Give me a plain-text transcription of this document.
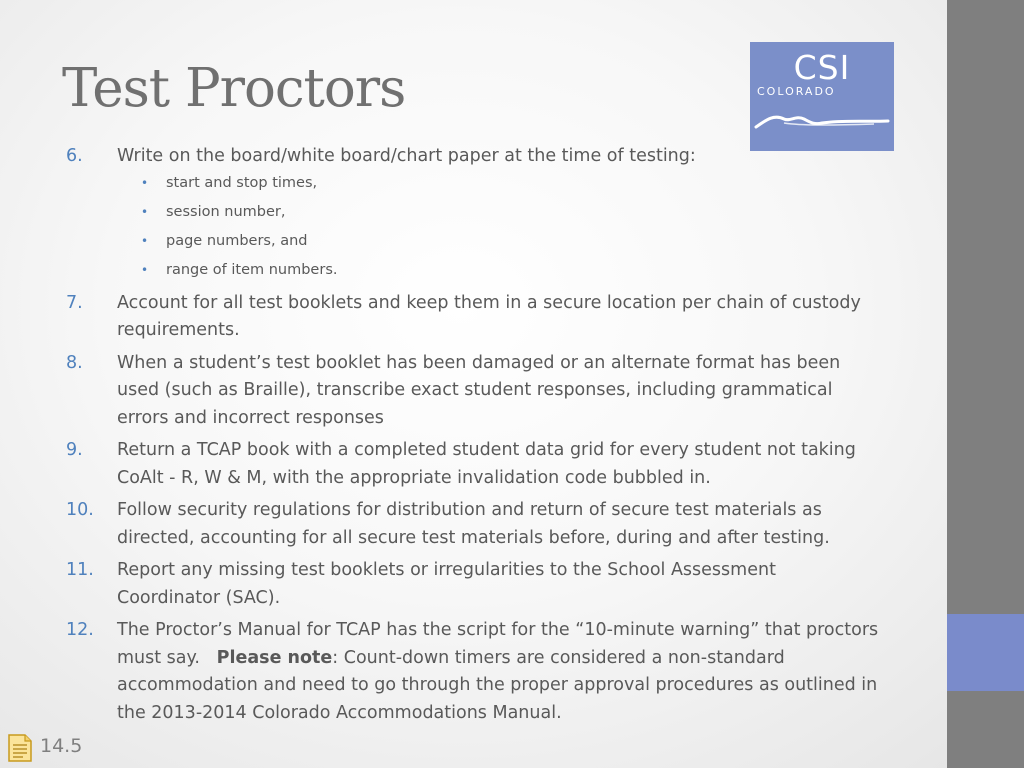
Test Proctors	CSI
COLORADO
6. Write on the board/white board/chart paper at the time of testing:
• start and stop times,
• session number,
• page numbers, and
• range of item numbers.
7. Account for all test booklets and keep them in a secure location per chain of custody requirements.
8. When a student’s test booklet has been damaged or an alternate format has been used (such as Braille), transcribe exact student responses, including grammatical errors and incorrect responses
9. Return a TCAP book with a completed student data grid for every student not taking CoAlt - R, W & M, with the appropriate invalidation code bubbled in.
10. Follow security regulations for distribution and return of secure test materials as directed, accounting for all secure test materials before, during and after testing.
11. Report any missing test booklets or irregularities to the School Assessment Coordinator (SAC).
12. The Proctor’s Manual for TCAP has the script for the “10-minute warning” that proctors must say. Please note: Count-down timers are considered a non-standard accommodation and need to go through the proper approval procedures as outlined in the 2013-2014 Colorado Accommodations Manual.
14.5
